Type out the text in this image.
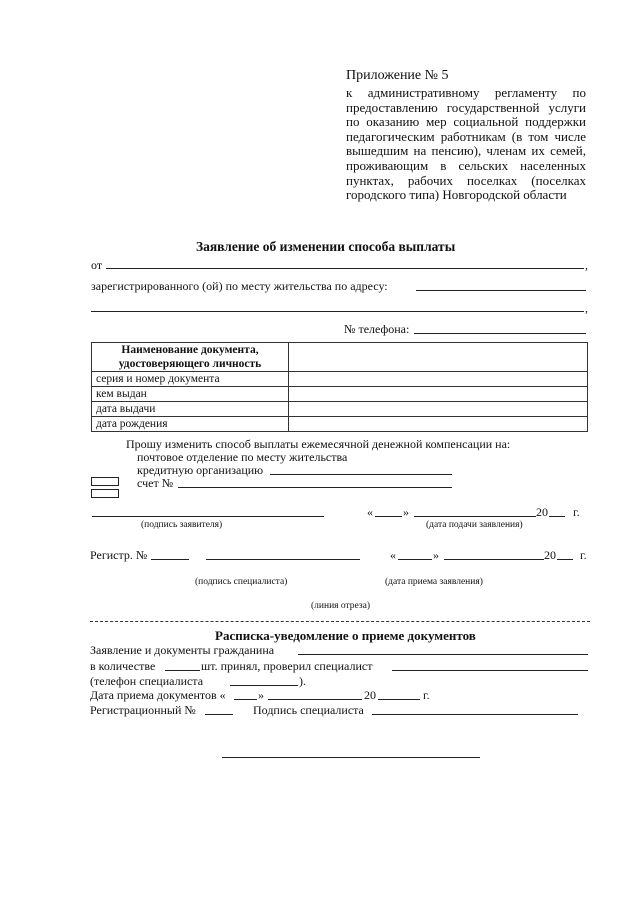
Приложение № 5
к административному регламенту по предоставлению государственной услуги по оказанию мер социальной поддержки педагогическим работникам (в том числе вышедшим на пенсию), членам их семей, проживающим в сельских населенных пунктах, рабочих поселках (поселках городского типа) Новгородской области
Заявление об изменении способа выплаты
от	,
зарегистрированного (ой) по месту жительства по адресу:
,
№ телефона:
Наименование документа, удостоверяющего личность	
серия и номер документа	
кем выдан	
дата выдачи	
дата рождения	
Прошу изменить способ выплаты ежемесячной денежной компенсации на:
почтовое отделение по месту жительства
кредитную организацию
счет №
«	»	20 г.
(подпись заявителя)	(дата подачи заявления)
Регистр. №	«	»	20 г.
(подпись специалиста)	(дата приема заявления)
(линия отреза)
Расписка-уведомление о приеме документов
Заявление и документы гражданина
в количестве	шт. принял, проверил специалист
(телефон специалиста	).
Дата приема документов «	»	20	г.
Регистрационный №	Подпись специалиста
